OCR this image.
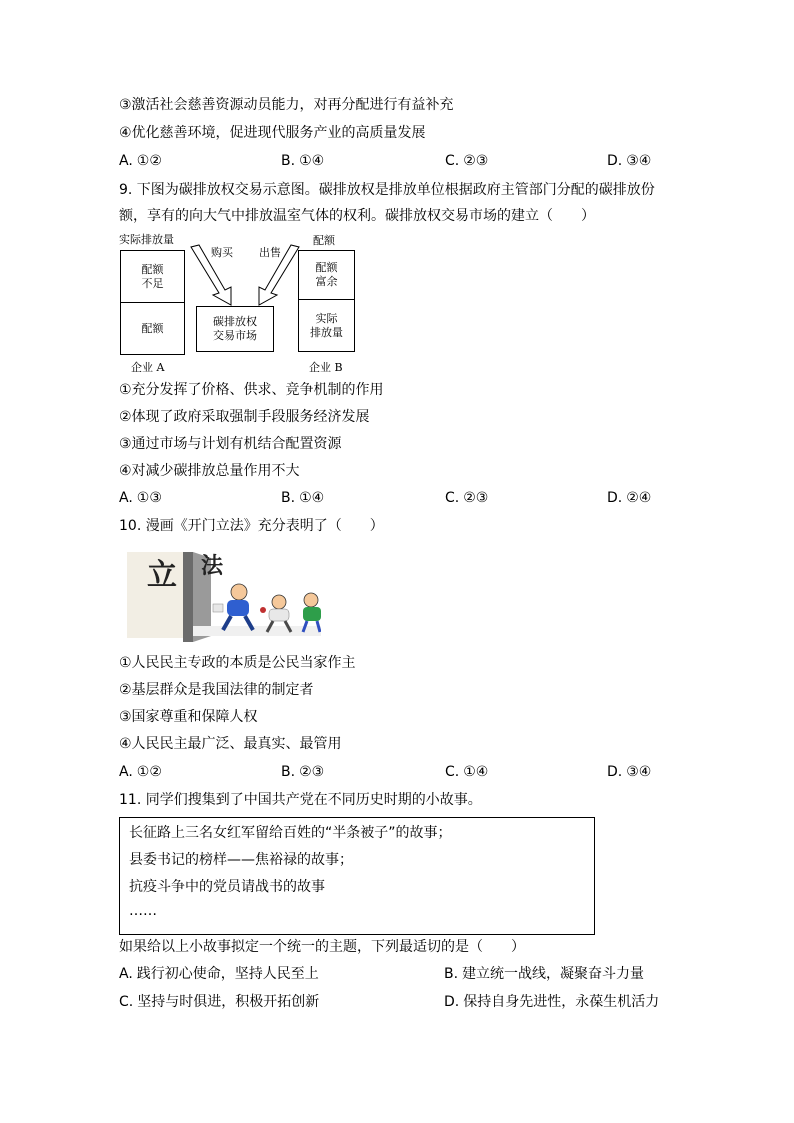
③激活社会慈善资源动员能力，对再分配进行有益补充
④优化慈善环境，促进现代服务产业的高质量发展
A. ①②	B. ①④	C. ②③	D. ③④
9. 下图为碳排放权交易示意图。碳排放权是排放单位根据政府主管部门分配的碳排放份
额，享有的向大气中排放温室气体的权利。碳排放权交易市场的建立（　　）
实际排放量
购买 出售
配额
配额
不足
配额	碳排放权
交易市场
配额
富余
实际
排放量
企业 A	企业 B
①充分发挥了价格、供求、竞争机制的作用
②体现了政府采取强制手段服务经济发展
③通过市场与计划有机结合配置资源
④对减少碳排放总量作用不大
A. ①③	B. ①④	C. ②③	D. ②④
10. 漫画《开门立法》充分表明了（　　）
立 法
①人民民主专政的本质是公民当家作主
②基层群众是我国法律的制定者
③国家尊重和保障人权
④人民民主最广泛、最真实、最管用
A. ①②	B. ②③	C. ①④	D. ③④
11. 同学们搜集到了中国共产党在不同历史时期的小故事。
长征路上三名女红军留给百姓的“半条被子”的故事；
县委书记的榜样——焦裕禄的故事；
抗疫斗争中的党员请战书的故事
……
如果给以上小故事拟定一个统一的主题，下列最适切的是（　　）
A. 践行初心使命，坚持人民至上	B. 建立统一战线，凝聚奋斗力量
C. 坚持与时俱进，积极开拓创新	D. 保持自身先进性，永葆生机活力
